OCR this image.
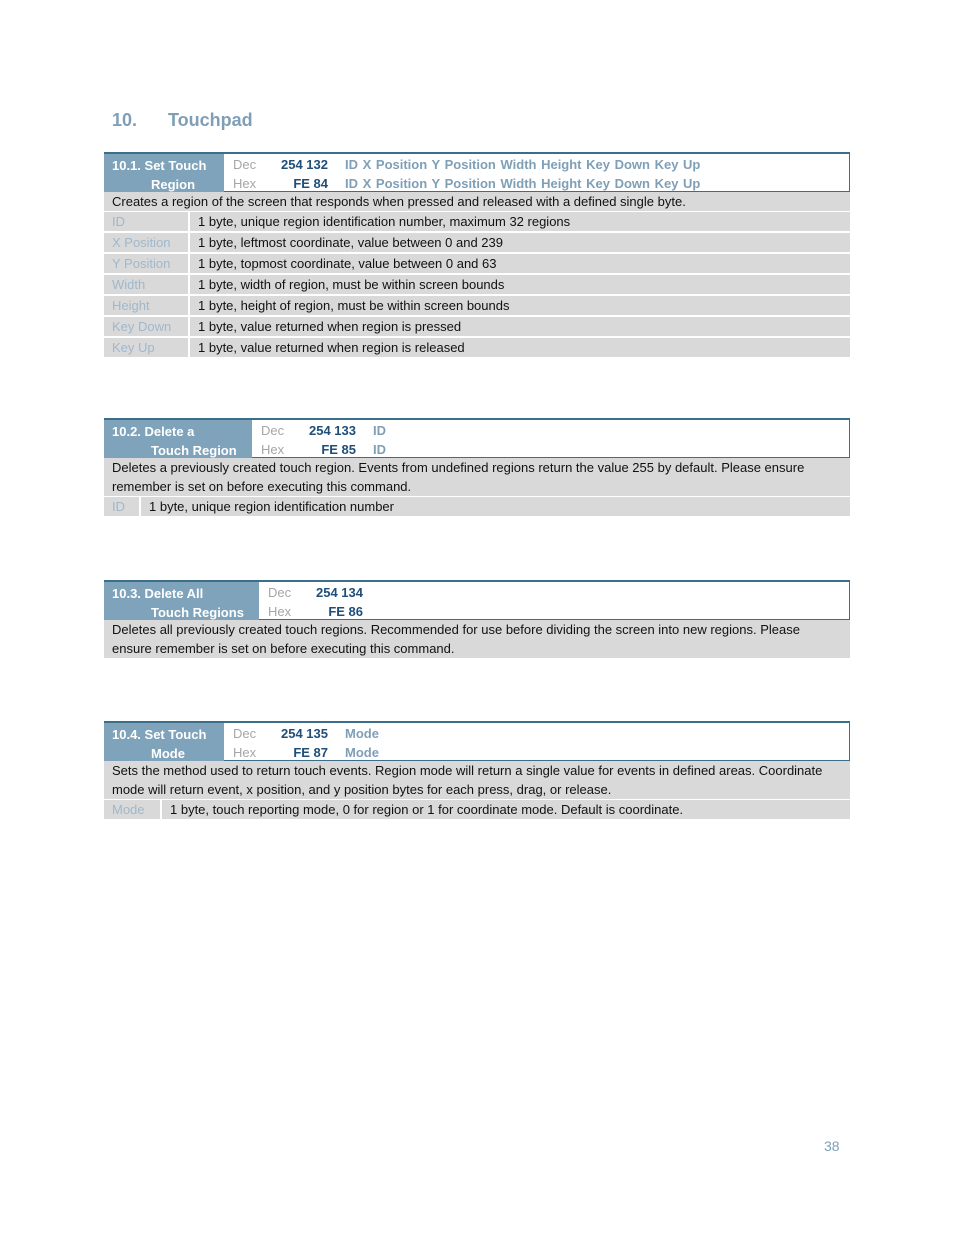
10. Touchpad
10.1. Set Touch
Region
Dec	254 132	ID X Position Y Position Width Height Key Down Key Up
Hex	FE 84	ID X Position Y Position Width Height Key Down Key Up
Creates a region of the screen that responds when pressed and released with a defined single byte.
ID	1 byte, unique region identification number, maximum 32 regions
X Position	1 byte, leftmost coordinate, value between 0 and 239
Y Position	1 byte, topmost coordinate, value between 0 and 63
Width	1 byte, width of region, must be within screen bounds
Height	1 byte, height of region, must be within screen bounds
Key Down	1 byte, value returned when region is pressed
Key Up	1 byte, value returned when region is released
10.2. Delete a
Touch Region
Dec	254 133	ID
Hex	FE 85	ID
Deletes a previously created touch region. Events from undefined regions return the value 255 by default. Please ensure remember is set on before executing this command.
ID	1 byte, unique region identification number
10.3. Delete All
Touch Regions
Dec	254 134
Hex	FE 86
Deletes all previously created touch regions. Recommended for use before dividing the screen into new regions. Please ensure remember is set on before executing this command.
10.4. Set Touch
Mode
Dec	254 135	Mode
Hex	FE 87	Mode
Sets the method used to return touch events. Region mode will return a single value for events in defined areas. Coordinate mode will return event, x position, and y position bytes for each press, drag, or release.
Mode	1 byte, touch reporting mode, 0 for region or 1 for coordinate mode. Default is coordinate.
38
